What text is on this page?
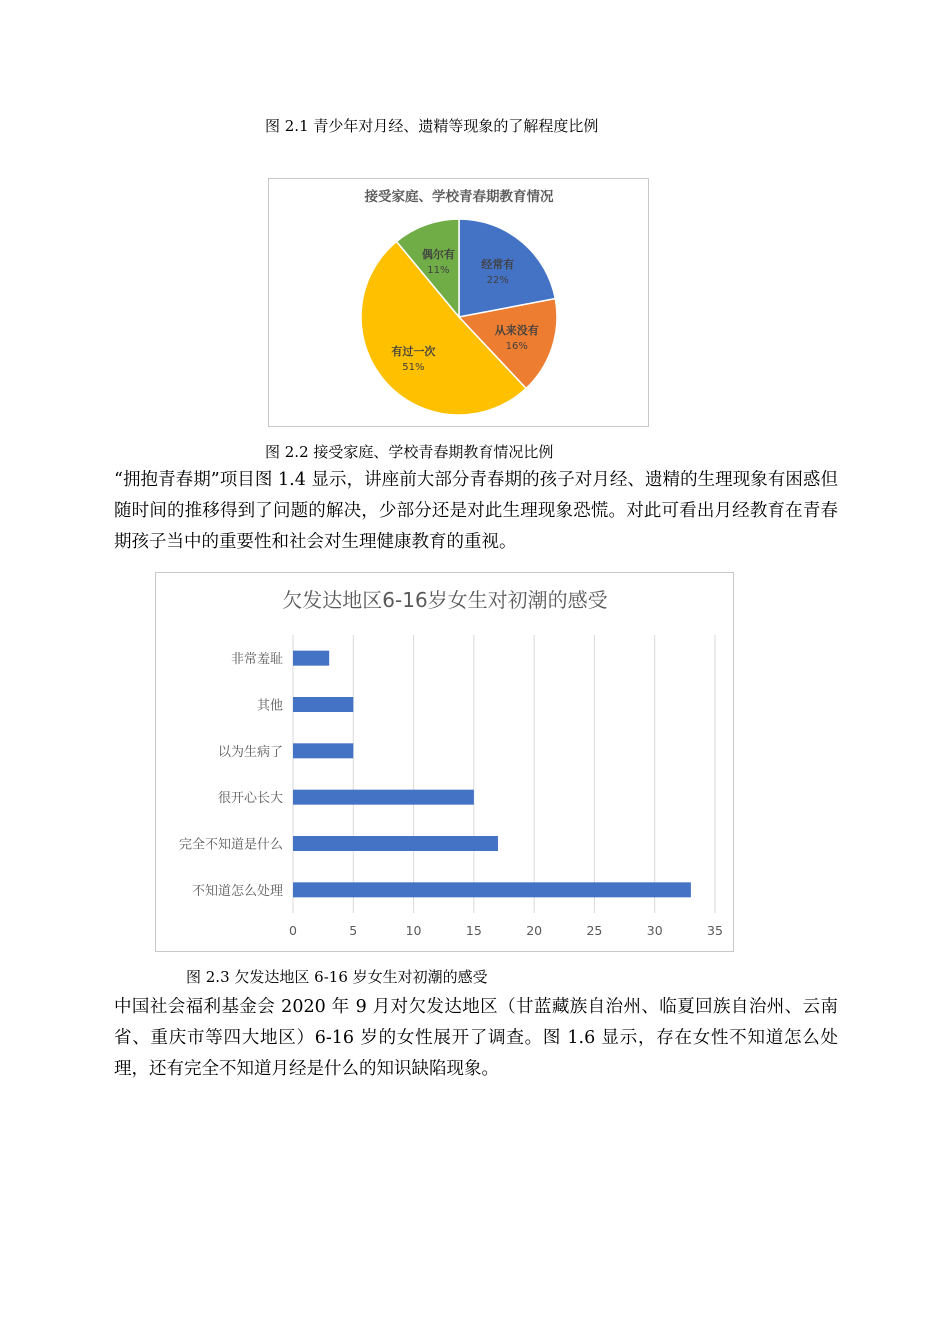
图 2.1 青少年对月经、遗精等现象的了解程度比例
接受家庭、学校青春期教育情况
经常有
22%
从来没有
16%
有过一次
51%
偶尔有
11%
图 2.2 接受家庭、学校青春期教育情况比例

“拥抱青春期”项目图 1.4 显示，讲座前大部分青春期的孩子对月经、遗精的生理现象有困惑但随时间的推移得到了问题的解决，少部分还是对此生理现象恐慌。对此可看出月经教育在青春期孩子当中的重要性和社会对生理健康教育的重视。

欠发达地区6-16岁女生对初潮的感受
非常羞耻
其他
以为生病了
很开心长大
完全不知道是什么
不知道怎么处理
0	5	10	15	20	25	30	35
图 2.3 欠发达地区 6-16 岁女生对初潮的感受

中国社会福利基金会 2020 年 9 月对欠发达地区（甘蓝藏族自治州、临夏回族自治州、云南省、重庆市等四大地区）6-16 岁的女性展开了调查。图 1.6 显示，存在女性不知道怎么处理，还有完全不知道月经是什么的知识缺陷现象。
